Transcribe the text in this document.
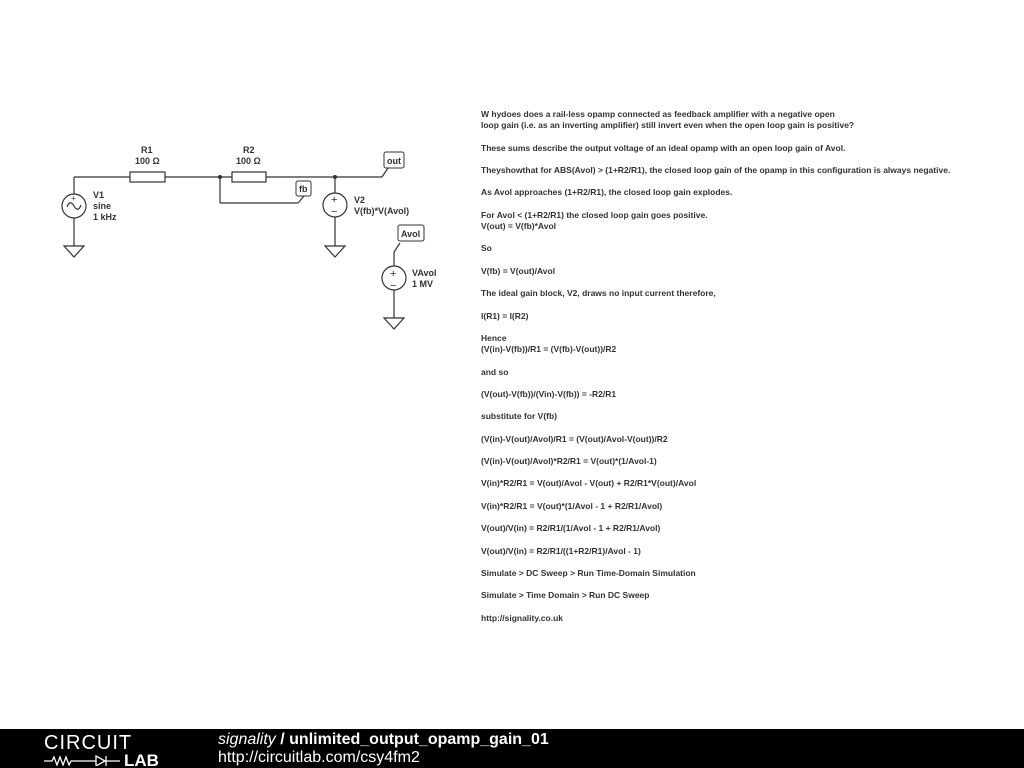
+	+
−
+
−
out
fb
Avol
R1
100 Ω
R2
100 Ω
V1
sine
1 kHz
V2
V(fb)*V(Avol)
VAvol
1 MV
W hydoes does a rail-less opamp connected as feedback amplifier with a negative open
loop gain (i.e. as an inverting amplifier) still invert even when the open loop gain is positive?
These sums describe the output voltage of an ideal opamp with an open loop gain of Avol.
Theyshowthat for ABS(Avol) > (1+R2/R1), the closed loop gain of the opamp in this configuration is always negative.
As Avol approaches (1+R2/R1), the closed loop gain explodes.
For Avol < (1+R2/R1) the closed loop gain goes positive.
V(out) = V(fb)*Avol
So
V(fb) = V(out)/Avol
The ideal gain block, V2, draws no input current therefore,
I(R1) = I(R2)
Hence
(V(in)-V(fb))/R1 = (V(fb)-V(out))/R2
and so
(V(out)-V(fb))/(Vin)-V(fb)) = -R2/R1
substitute for V(fb)
(V(in)-V(out)/Avol)/R1 = (V(out)/Avol-V(out))/R2
(V(in)-V(out)/Avol)*R2/R1 = V(out)*(1/Avol-1)
V(in)*R2/R1 = V(out)/Avol - V(out) + R2/R1*V(out)/Avol
V(in)*R2/R1 = V(out)*(1/Avol - 1 + R2/R1/Avol)
V(out)/V(in) = R2/R1/(1/Avol - 1 + R2/R1/Avol)
V(out)/V(in) = R2/R1/((1+R2/R1)/Avol - 1)
Simulate > DC Sweep > Run Time-Domain Simulation
Simulate > Time Domain > Run DC Sweep
http://signality.co.uk
CIRCUIT
LAB
signality / unlimited_output_opamp_gain_01
http://circuitlab.com/csy4fm2
